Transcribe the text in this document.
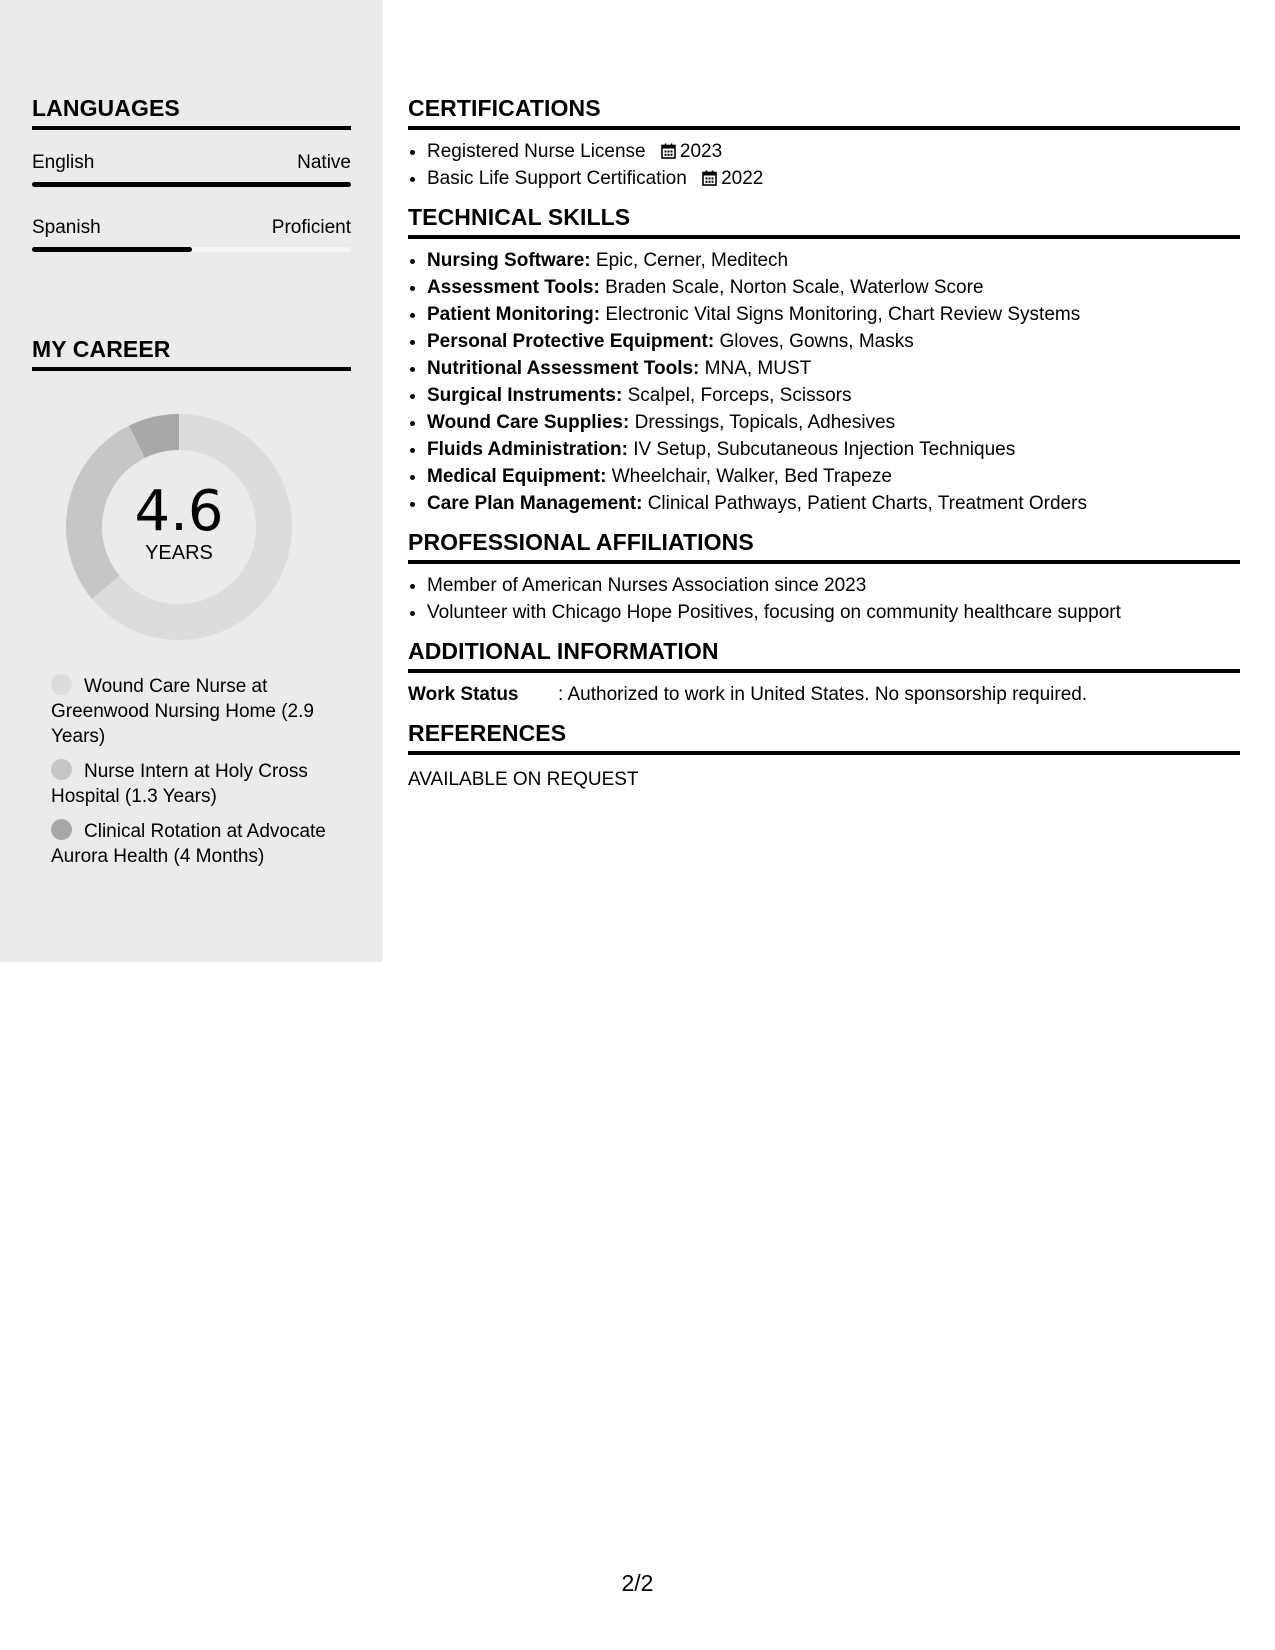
LANGUAGES
English	Native
Spanish	Proficient
MY CAREER
4.6
YEARS
Wound Care Nurse at Greenwood Nursing Home (2.9 Years)
Nurse Intern at Holy Cross Hospital (1.3 Years)
Clinical Rotation at Advocate Aurora Health (4 Months)
CERTIFICATIONS
• Registered Nurse License 2023
• Basic Life Support Certification 2022
TECHNICAL SKILLS
• Nursing Software: Epic, Cerner, Meditech
• Assessment Tools: Braden Scale, Norton Scale, Waterlow Score
• Patient Monitoring: Electronic Vital Signs Monitoring, Chart Review Systems
• Personal Protective Equipment: Gloves, Gowns, Masks
• Nutritional Assessment Tools: MNA, MUST
• Surgical Instruments: Scalpel, Forceps, Scissors
• Wound Care Supplies: Dressings, Topicals, Adhesives
• Fluids Administration: IV Setup, Subcutaneous Injection Techniques
• Medical Equipment: Wheelchair, Walker, Bed Trapeze
• Care Plan Management: Clinical Pathways, Patient Charts, Treatment Orders
PROFESSIONAL AFFILIATIONS
• Member of American Nurses Association since 2023
• Volunteer with Chicago Hope Positives, focusing on community healthcare support
ADDITIONAL INFORMATION
Work Status	: Authorized to work in United States. No sponsorship required.
REFERENCES
AVAILABLE ON REQUEST
2/2
